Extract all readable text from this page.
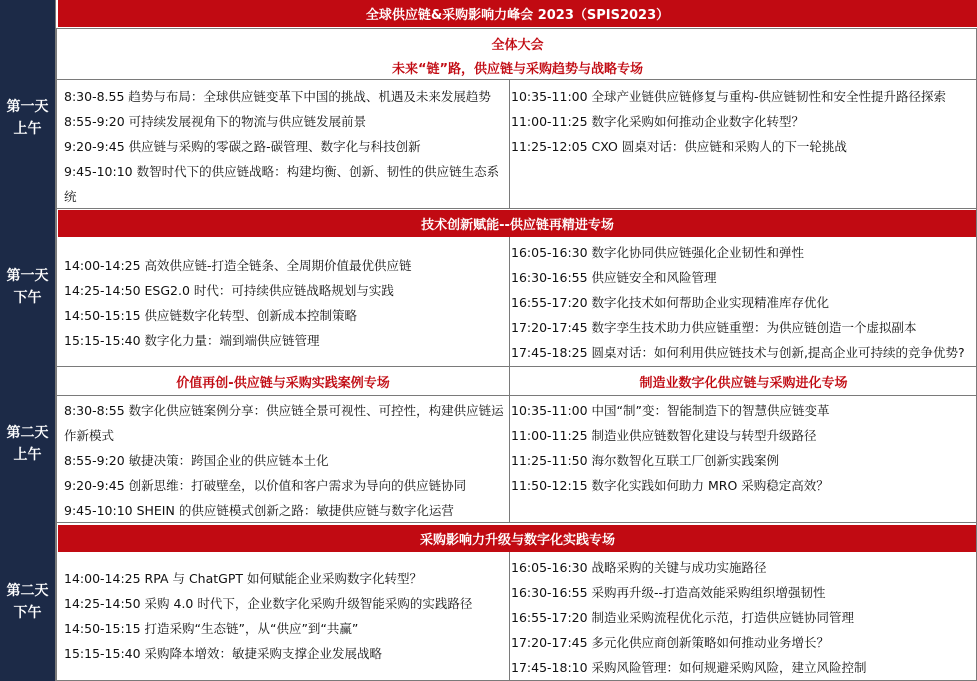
全球供应链&采购影响力峰会 2023（SPIS2023）
第一天
上午
全体大会
未来“链”路，供应链与采购趋势与战略专场
8:30-8.55 趋势与布局：全球供应链变革下中国的挑战、机遇及未来发展趋势
8:55-9:20 可持续发展视角下的物流与供应链发展前景
9:20-9:45 供应链与采购的零碳之路-碳管理、数字化与科技创新
9:45-10:10 数智时代下的供应链战略：构建均衡、创新、韧性的供应链生态系统
10:35-11:00 全球产业链供应链修复与重构-供应链韧性和安全性提升路径探索
11:00-11:25 数字化采购如何推动企业数字化转型？
11:25-12:05 CXO 圆桌对话：供应链和采购人的下一轮挑战
第一天
下午
技术创新赋能--供应链再精进专场
14:00-14:25 高效供应链-打造全链条、全周期价值最优供应链
14:25-14:50 ESG2.0 时代：可持续供应链战略规划与实践
14:50-15:15 供应链数字化转型、创新成本控制策略
15:15-15:40 数字化力量：端到端供应链管理
16:05-16:30 数字化协同供应链强化企业韧性和弹性
16:30-16:55 供应链安全和风险管理
16:55-17:20 数字化技术如何帮助企业实现精准库存优化
17:20-17:45 数字孪生技术助力供应链重塑：为供应链创造一个虚拟副本
17:45-18:25 圆桌对话：如何利用供应链技术与创新,提高企业可持续的竞争优势?
第二天
上午
价值再创-供应链与采购实践案例专场	制造业数字化供应链与采购进化专场
8:30-8:55 数字化供应链案例分享：供应链全景可视性、可控性，构建供应链运作新模式
8:55-9:20 敏捷决策：跨国企业的供应链本土化
9:20-9:45 创新思维：打破壁垒，以价值和客户需求为导向的供应链协同
9:45-10:10 SHEIN 的供应链模式创新之路：敏捷供应链与数字化运营
10:35-11:00 中国“制”变：智能制造下的智慧供应链变革
11:00-11:25 制造业供应链数智化建设与转型升级路径
11:25-11:50 海尔数智化互联工厂创新实践案例
11:50-12:15 数字化实践如何助力 MRO 采购稳定高效？
第二天
下午
采购影响力升级与数字化实践专场
14:00-14:25 RPA 与 ChatGPT 如何赋能企业采购数字化转型？
14:25-14:50 采购 4.0 时代下，企业数字化采购升级智能采购的实践路径
14:50-15:15 打造采购“生态链”，从“供应”到“共赢”
15:15-15:40 采购降本增效：敏捷采购支撑企业发展战略
16:05-16:30 战略采购的关键与成功实施路径
16:30-16:55 采购再升级--打造高效能采购组织增强韧性
16:55-17:20 制造业采购流程优化示范，打造供应链协同管理
17:20-17:45 多元化供应商创新策略如何推动业务增长？
17:45-18:10 采购风险管理：如何规避采购风险，建立风险控制
